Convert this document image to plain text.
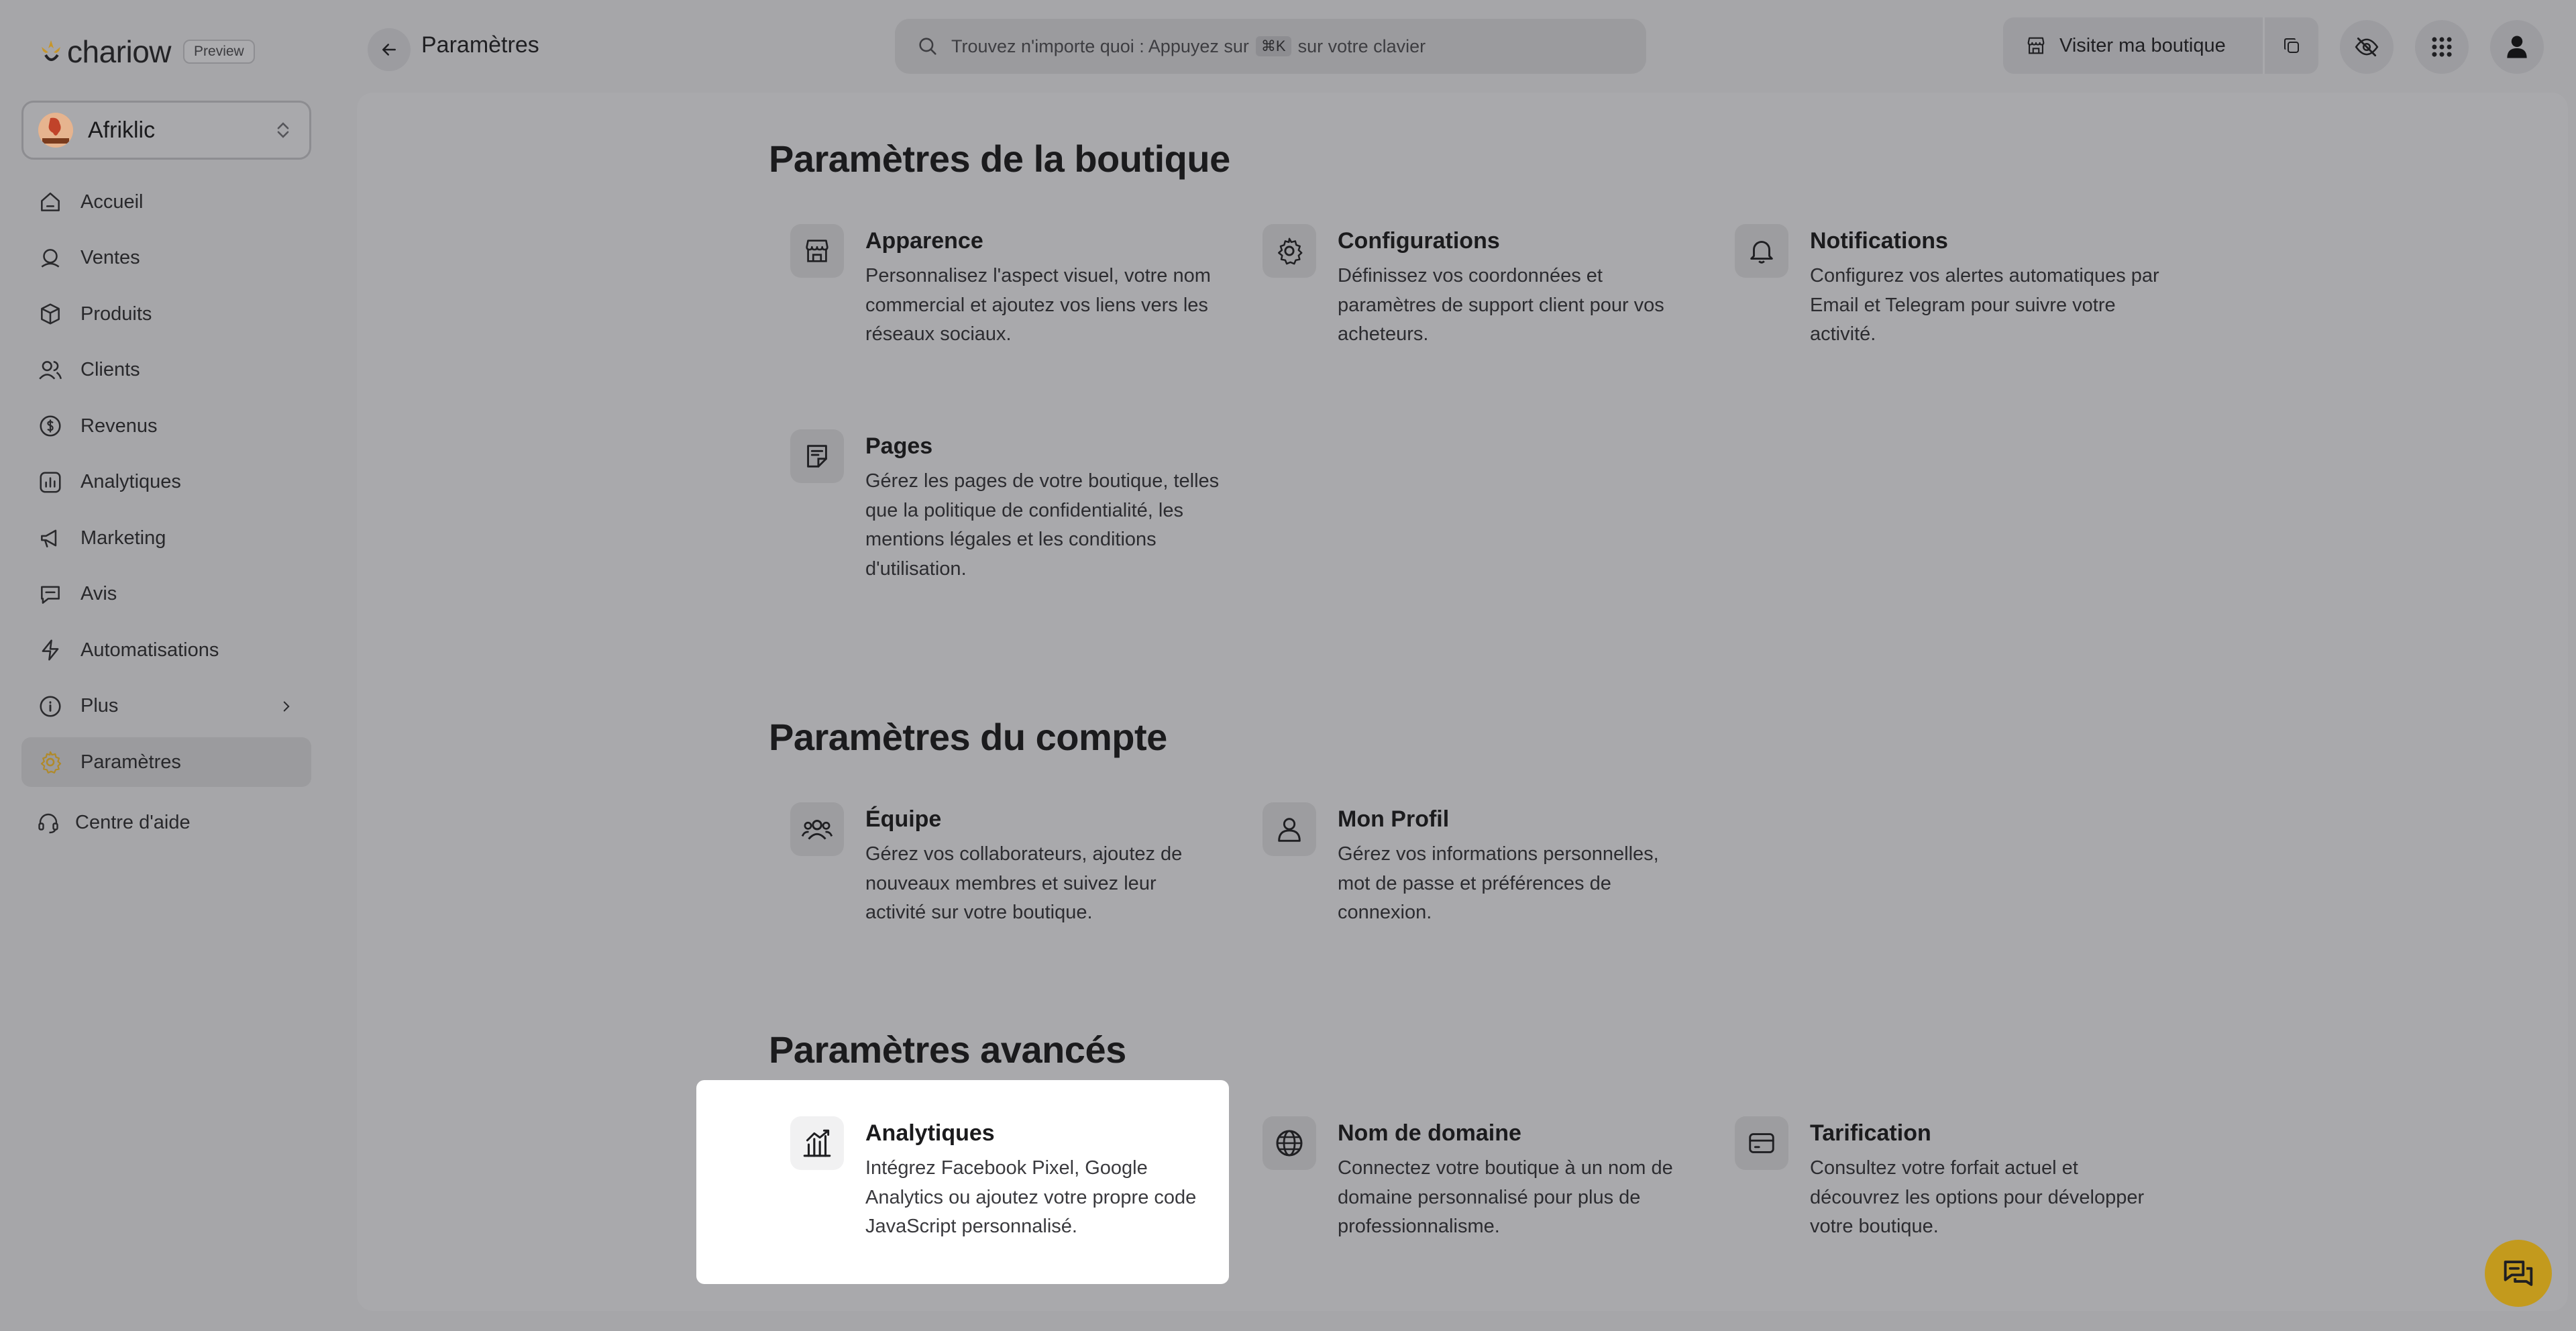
chariow	Preview
Afriklic
Accueil
Ventes
Produits
Clients
Revenus
Analytiques
Marketing
Avis
Automatisations
Plus
Paramètres
Centre d'aide
Paramètres	Trouvez n'importe quoi : Appuyez sur ⌘K sur votre clavier	Visiter ma boutique
Paramètres de la boutique
Apparence
Personnalisez l'aspect visuel, votre nom commercial et ajoutez vos liens vers les réseaux sociaux.
Configurations
Définissez vos coordonnées et paramètres de support client pour vos acheteurs.
Notifications
Configurez vos alertes automatiques par Email et Telegram pour suivre votre activité.
Pages
Gérez les pages de votre boutique, telles que la politique de confidentialité, les mentions légales et les conditions d'utilisation.
Paramètres du compte
Équipe
Gérez vos collaborateurs, ajoutez de nouveaux membres et suivez leur activité sur votre boutique.
Mon Profil
Gérez vos informations personnelles, mot de passe et préférences de connexion.
Paramètres avancés
Analytiques
Intégrez Facebook Pixel, Google Analytics ou ajoutez votre propre code JavaScript personnalisé.
Nom de domaine
Connectez votre boutique à un nom de domaine personnalisé pour plus de professionnalisme.
Tarification
Consultez votre forfait actuel et découvrez les options pour développer votre boutique.
